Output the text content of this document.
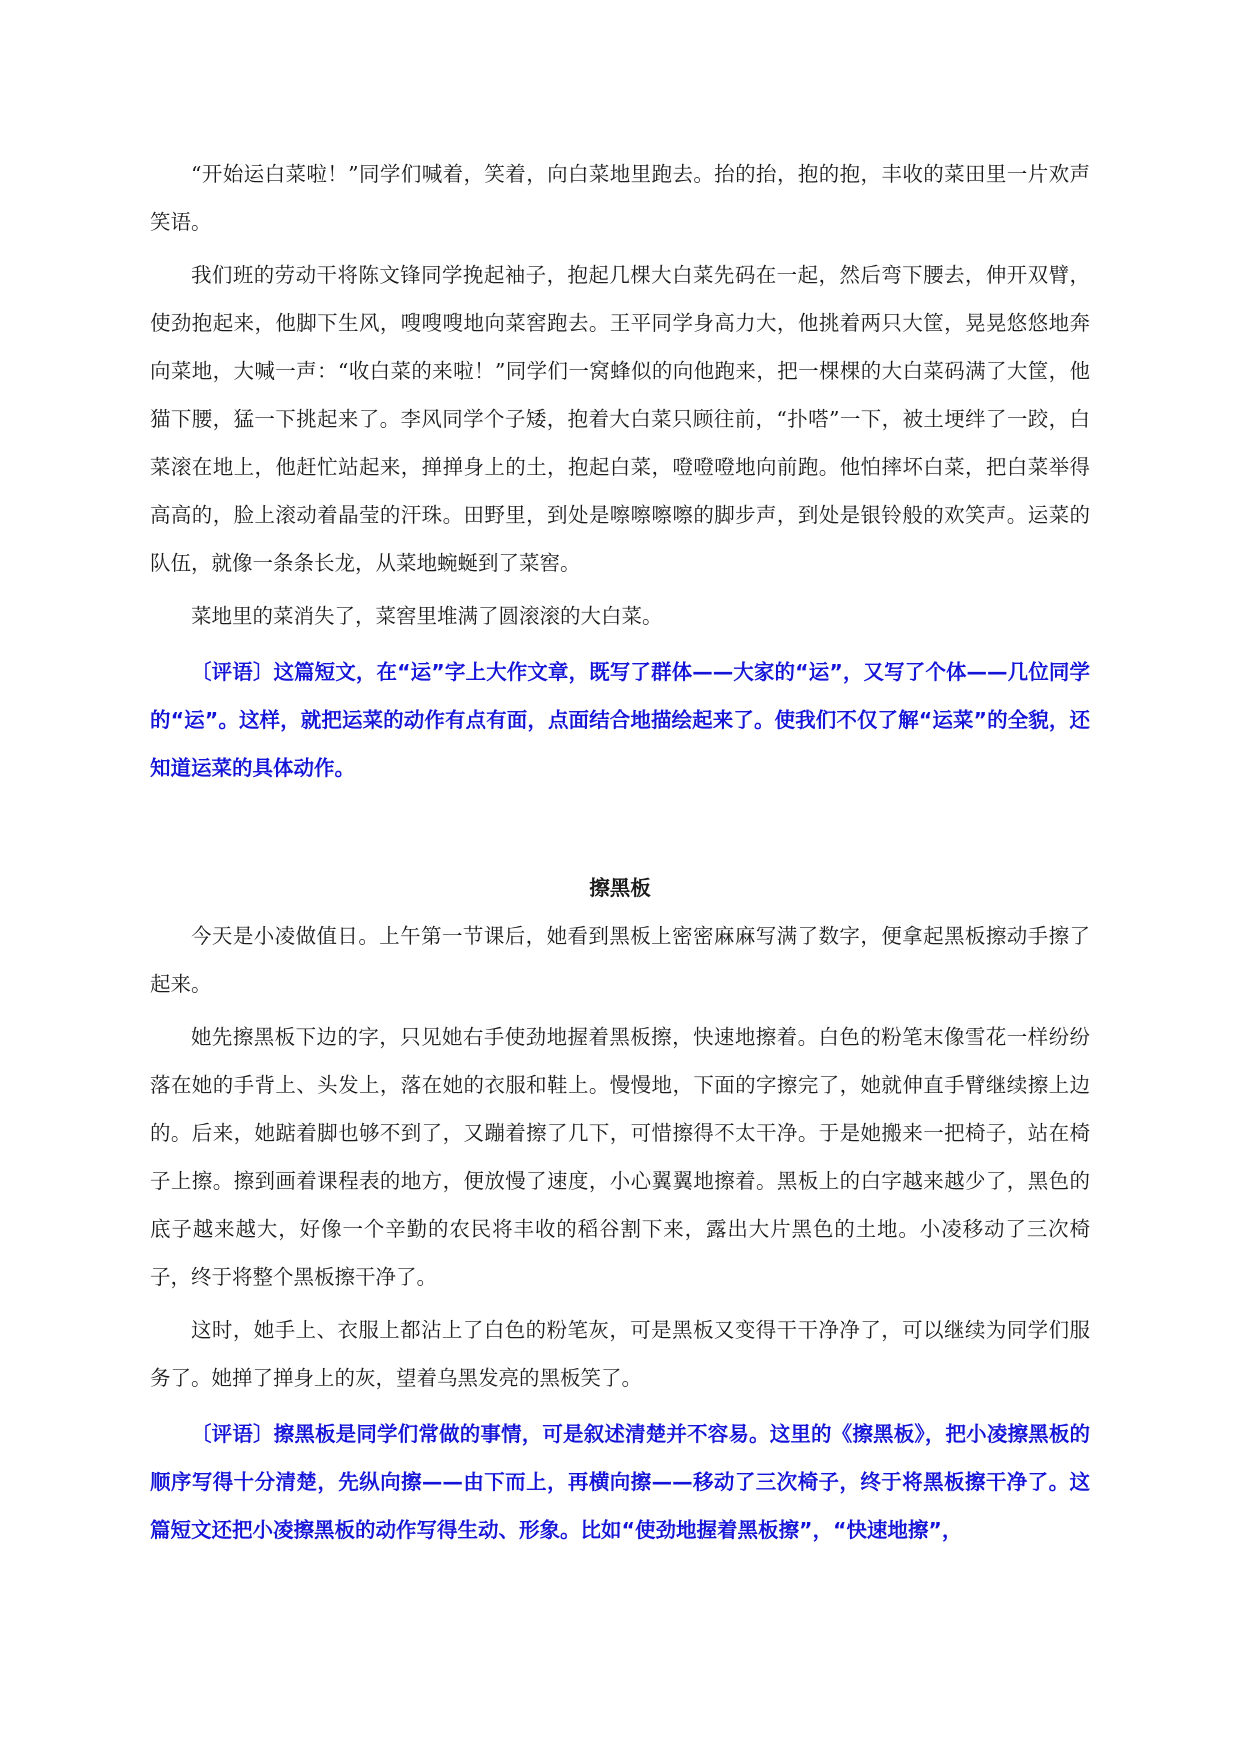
“开始运白菜啦！”同学们喊着，笑着，向白菜地里跑去。抬的抬，抱的抱，丰收的菜田里一片欢声笑语。

我们班的劳动干将陈文锋同学挽起袖子，抱起几棵大白菜先码在一起，然后弯下腰去，伸开双臂，使劲抱起来，他脚下生风，嗖嗖嗖地向菜窖跑去。王平同学身高力大，他挑着两只大筐，晃晃悠悠地奔向菜地，大喊一声：“收白菜的来啦！”同学们一窝蜂似的向他跑来，把一棵棵的大白菜码满了大筐，他猫下腰，猛一下挑起来了。李风同学个子矮，抱着大白菜只顾往前，“扑嗒”一下，被土埂绊了一跤，白菜滚在地上，他赶忙站起来，掸掸身上的土，抱起白菜，噔噔噔地向前跑。他怕摔坏白菜，把白菜举得高高的，脸上滚动着晶莹的汗珠。田野里，到处是嚓嚓嚓嚓的脚步声，到处是银铃般的欢笑声。运菜的队伍，就像一条条长龙，从菜地蜿蜒到了菜窖。

菜地里的菜消失了，菜窖里堆满了圆滚滚的大白菜。

〔评语〕这篇短文，在“运”字上大作文章，既写了群体——大家的“运”，又写了个体——几位同学的“运”。这样，就把运菜的动作有点有面，点面结合地描绘起来了。使我们不仅了解“运菜”的全貌，还知道运菜的具体动作。

擦黑板

今天是小凌做值日。上午第一节课后，她看到黑板上密密麻麻写满了数字，便拿起黑板擦动手擦了起来。

她先擦黑板下边的字，只见她右手使劲地握着黑板擦，快速地擦着。白色的粉笔末像雪花一样纷纷落在她的手背上、头发上，落在她的衣服和鞋上。慢慢地，下面的字擦完了，她就伸直手臂继续擦上边的。后来，她踮着脚也够不到了，又蹦着擦了几下，可惜擦得不太干净。于是她搬来一把椅子，站在椅子上擦。擦到画着课程表的地方，便放慢了速度，小心翼翼地擦着。黑板上的白字越来越少了，黑色的底子越来越大，好像一个辛勤的农民将丰收的稻谷割下来，露出大片黑色的土地。小凌移动了三次椅子，终于将整个黑板擦干净了。

这时，她手上、衣服上都沾上了白色的粉笔灰，可是黑板又变得干干净净了，可以继续为同学们服务了。她掸了掸身上的灰，望着乌黑发亮的黑板笑了。

〔评语〕擦黑板是同学们常做的事情，可是叙述清楚并不容易。这里的《擦黑板》，把小凌擦黑板的顺序写得十分清楚，先纵向擦——由下而上，再横向擦——移动了三次椅子，终于将黑板擦干净了。这篇短文还把小凌擦黑板的动作写得生动、形象。比如“使劲地握着黑板擦”，“快速地擦”，
